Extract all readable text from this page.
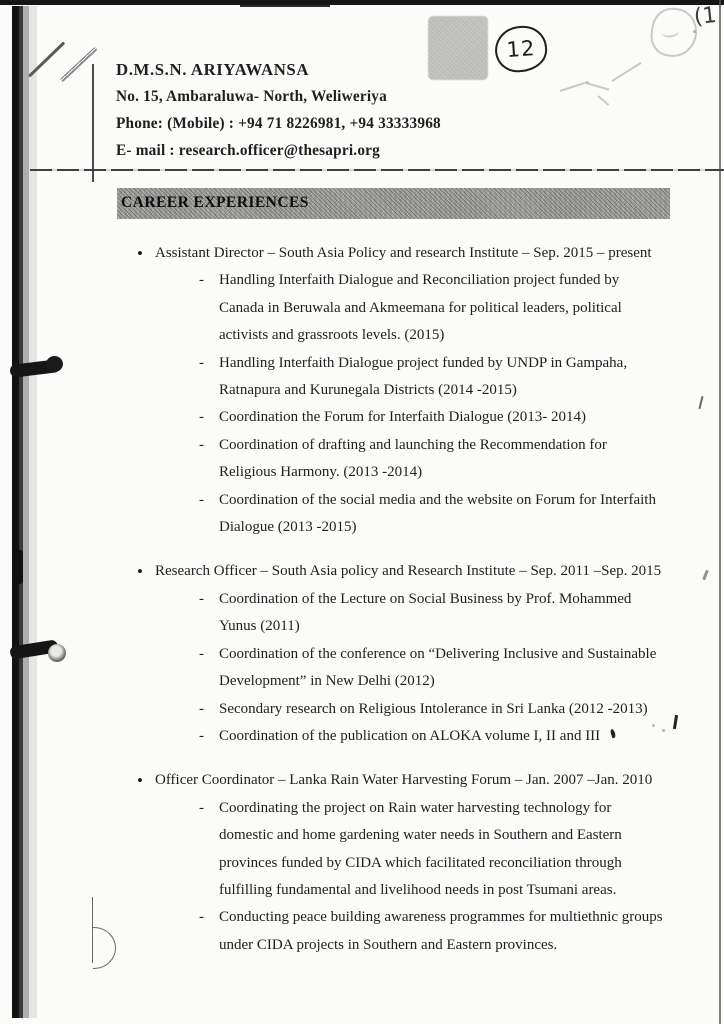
12
(1
D.M.S.N. ARIYAWANSA
No. 15, Ambaraluwa- North, Weliweriya
Phone: (Mobile) : +94 71 8226981, +94 33333968
E- mail : research.officer@thesapri.org
CAREER EXPERIENCES
• Assistant Director – South Asia Policy and research Institute – Sep. 2015 – present
- Handling Interfaith Dialogue and Reconciliation project funded by
Canada in Beruwala and Akmeemana for political leaders, political
activists and grassroots levels. (2015)
- Handling Interfaith Dialogue project funded by UNDP in Gampaha,
Ratnapura and Kurunegala Districts (2014 -2015)
- Coordination the Forum for Interfaith Dialogue (2013- 2014)
- Coordination of drafting and launching the Recommendation for
Religious Harmony. (2013 -2014)
- Coordination of the social media and the website on Forum for Interfaith
Dialogue (2013 -2015)
• Research Officer – South Asia policy and Research Institute – Sep. 2011 –Sep. 2015
- Coordination of the Lecture on Social Business by Prof. Mohammed
Yunus (2011)
- Coordination of the conference on “Delivering Inclusive and Sustainable
Development” in New Delhi (2012)
- Secondary research on Religious Intolerance in Sri Lanka (2012 -2013)
- Coordination of the publication on ALOKA volume I, II and III
• Officer Coordinator – Lanka Rain Water Harvesting Forum – Jan. 2007 –Jan. 2010
- Coordinating the project on Rain water harvesting technology for
domestic and home gardening water needs in Southern and Eastern
provinces funded by CIDA which facilitated reconciliation through
fulfilling fundamental and livelihood needs in post Tsumani areas.
- Conducting peace building awareness programmes for multiethnic groups
under CIDA projects in Southern and Eastern provinces.
